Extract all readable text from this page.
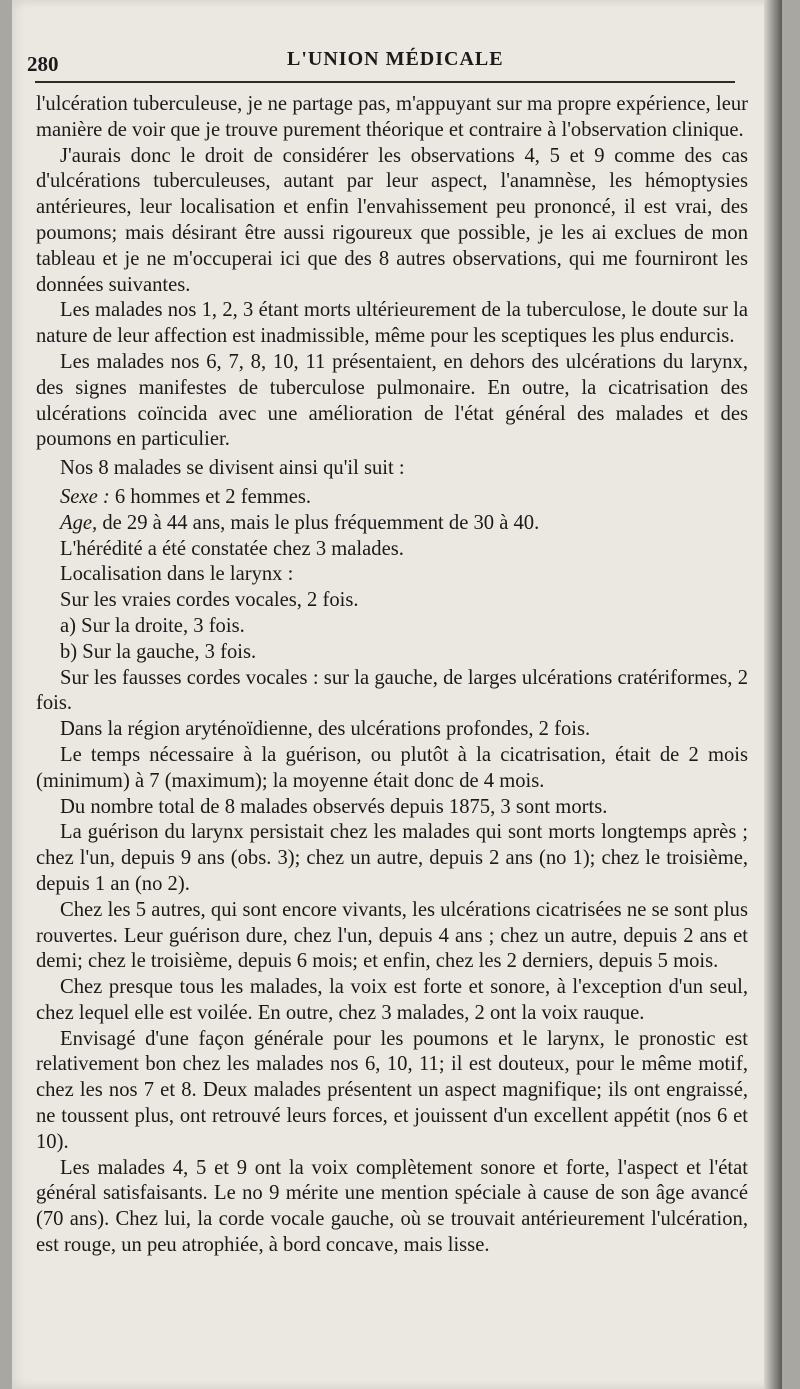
280	L'UNION MÉDICALE

l'ulcération tuberculeuse, je ne partage pas, m'appuyant sur ma propre expérience, leur manière de voir que je trouve purement théorique et contraire à l'observation clinique.

J'aurais donc le droit de considérer les observations 4, 5 et 9 comme des cas d'ulcérations tuberculeuses, autant par leur aspect, l'anamnèse, les hémoptysies antérieures, leur localisation et enfin l'envahissement peu prononcé, il est vrai, des poumons; mais désirant être aussi rigoureux que possible, je les ai exclues de mon tableau et je ne m'occuperai ici que des 8 autres observations, qui me fourniront les données suivantes.

Les malades nos 1, 2, 3 étant morts ultérieurement de la tuberculose, le doute sur la nature de leur affection est inadmissible, même pour les sceptiques les plus endurcis.

Les malades nos 6, 7, 8, 10, 11 présentaient, en dehors des ulcérations du larynx, des signes manifestes de tuberculose pulmonaire. En outre, la cicatrisation des ulcérations coïncida avec une amélioration de l'état général des malades et des poumons en particulier.

Nos 8 malades se divisent ainsi qu'il suit :

Sexe : 6 hommes et 2 femmes.

Age, de 29 à 44 ans, mais le plus fréquemment de 30 à 40.

L'hérédité a été constatée chez 3 malades.

Localisation dans le larynx :

Sur les vraies cordes vocales, 2 fois.

a) Sur la droite, 3 fois.

b) Sur la gauche, 3 fois.

Sur les fausses cordes vocales : sur la gauche, de larges ulcérations cratériformes, 2 fois.

Dans la région aryténoïdienne, des ulcérations profondes, 2 fois.

Le temps nécessaire à la guérison, ou plutôt à la cicatrisation, était de 2 mois (minimum) à 7 (maximum); la moyenne était donc de 4 mois.

Du nombre total de 8 malades observés depuis 1875, 3 sont morts.

La guérison du larynx persistait chez les malades qui sont morts longtemps après ; chez l'un, depuis 9 ans (obs. 3); chez un autre, depuis 2 ans (no 1); chez le troisième, depuis 1 an (no 2).

Chez les 5 autres, qui sont encore vivants, les ulcérations cicatrisées ne se sont plus rouvertes. Leur guérison dure, chez l'un, depuis 4 ans ; chez un autre, depuis 2 ans et demi; chez le troisième, depuis 6 mois; et enfin, chez les 2 derniers, depuis 5 mois.

Chez presque tous les malades, la voix est forte et sonore, à l'exception d'un seul, chez lequel elle est voilée. En outre, chez 3 malades, 2 ont la voix rauque.

Envisagé d'une façon générale pour les poumons et le larynx, le pronostic est relativement bon chez les malades nos 6, 10, 11; il est douteux, pour le même motif, chez les nos 7 et 8. Deux malades présentent un aspect magnifique; ils ont engraissé, ne toussent plus, ont retrouvé leurs forces, et jouissent d'un excellent appétit (nos 6 et 10).

Les malades 4, 5 et 9 ont la voix complètement sonore et forte, l'aspect et l'état général satisfaisants. Le no 9 mérite une mention spéciale à cause de son âge avancé (70 ans). Chez lui, la corde vocale gauche, où se trouvait antérieurement l'ulcération, est rouge, un peu atrophiée, à bord concave, mais lisse.
